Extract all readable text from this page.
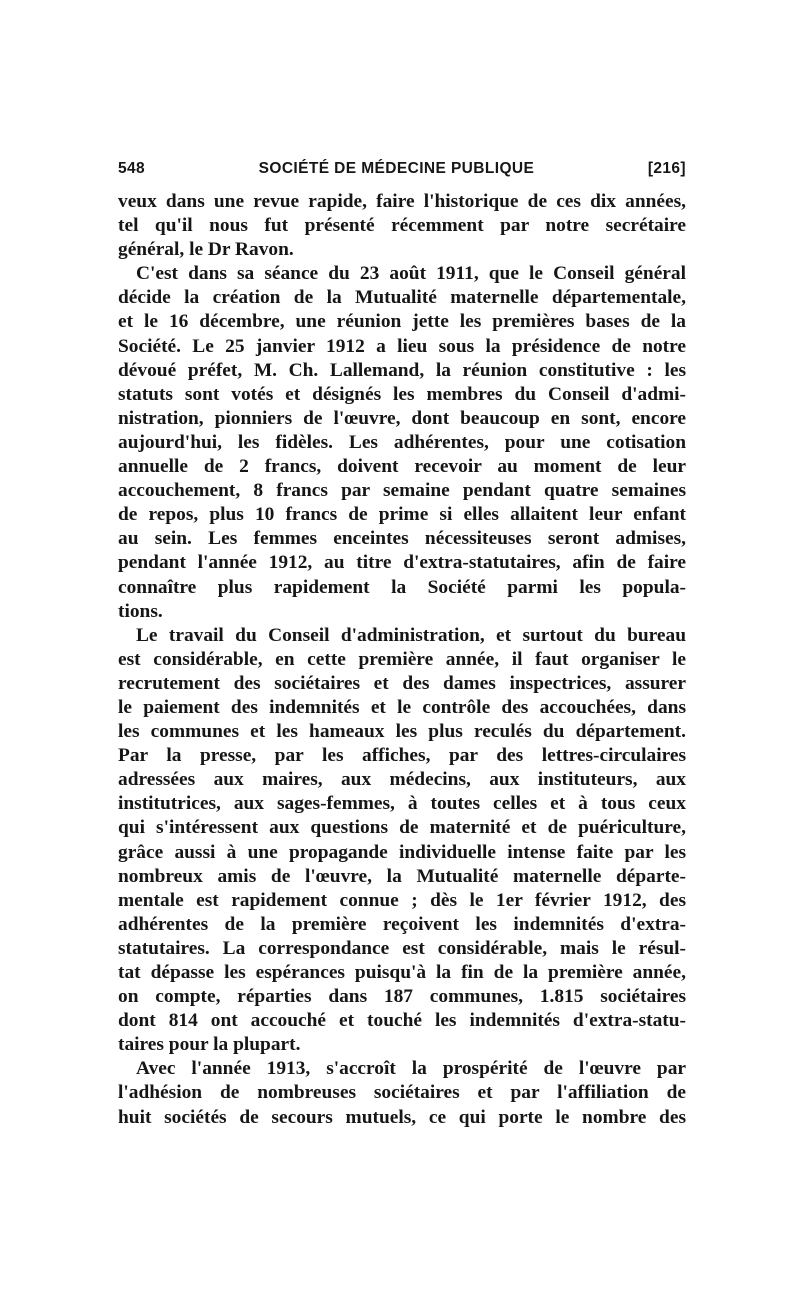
548	SOCIÉTÉ DE MÉDECINE PUBLIQUE	[216]
veux dans une revue rapide, faire l'historique de ces dix années,
tel qu'il nous fut présenté récemment par notre secrétaire
général, le Dr Ravon.
C'est dans sa séance du 23 août 1911, que le Conseil général
décide la création de la Mutualité maternelle départementale,
et le 16 décembre, une réunion jette les premières bases de la
Société. Le 25 janvier 1912 a lieu sous la présidence de notre
dévoué préfet, M. Ch. Lallemand, la réunion constitutive : les
statuts sont votés et désignés les membres du Conseil d'admi-
nistration, pionniers de l'œuvre, dont beaucoup en sont, encore
aujourd'hui, les fidèles. Les adhérentes, pour une cotisation
annuelle de 2 francs, doivent recevoir au moment de leur
accouchement, 8 francs par semaine pendant quatre semaines
de repos, plus 10 francs de prime si elles allaitent leur enfant
au sein. Les femmes enceintes nécessiteuses seront admises,
pendant l'année 1912, au titre d'extra-statutaires, afin de faire
connaître plus rapidement la Société parmi les popula-
tions.
Le travail du Conseil d'administration, et surtout du bureau
est considérable, en cette première année, il faut organiser le
recrutement des sociétaires et des dames inspectrices, assurer
le paiement des indemnités et le contrôle des accouchées, dans
les communes et les hameaux les plus reculés du département.
Par la presse, par les affiches, par des lettres-circulaires
adressées aux maires, aux médecins, aux instituteurs, aux
institutrices, aux sages-femmes, à toutes celles et à tous ceux
qui s'intéressent aux questions de maternité et de puériculture,
grâce aussi à une propagande individuelle intense faite par les
nombreux amis de l'œuvre, la Mutualité maternelle départe-
mentale est rapidement connue ; dès le 1er février 1912, des
adhérentes de la première reçoivent les indemnités d'extra-
statutaires. La correspondance est considérable, mais le résul-
tat dépasse les espérances puisqu'à la fin de la première année,
on compte, réparties dans 187 communes, 1.815 sociétaires
dont 814 ont accouché et touché les indemnités d'extra-statu-
taires pour la plupart.
Avec l'année 1913, s'accroît la prospérité de l'œuvre par
l'adhésion de nombreuses sociétaires et par l'affiliation de
huit sociétés de secours mutuels, ce qui porte le nombre des
